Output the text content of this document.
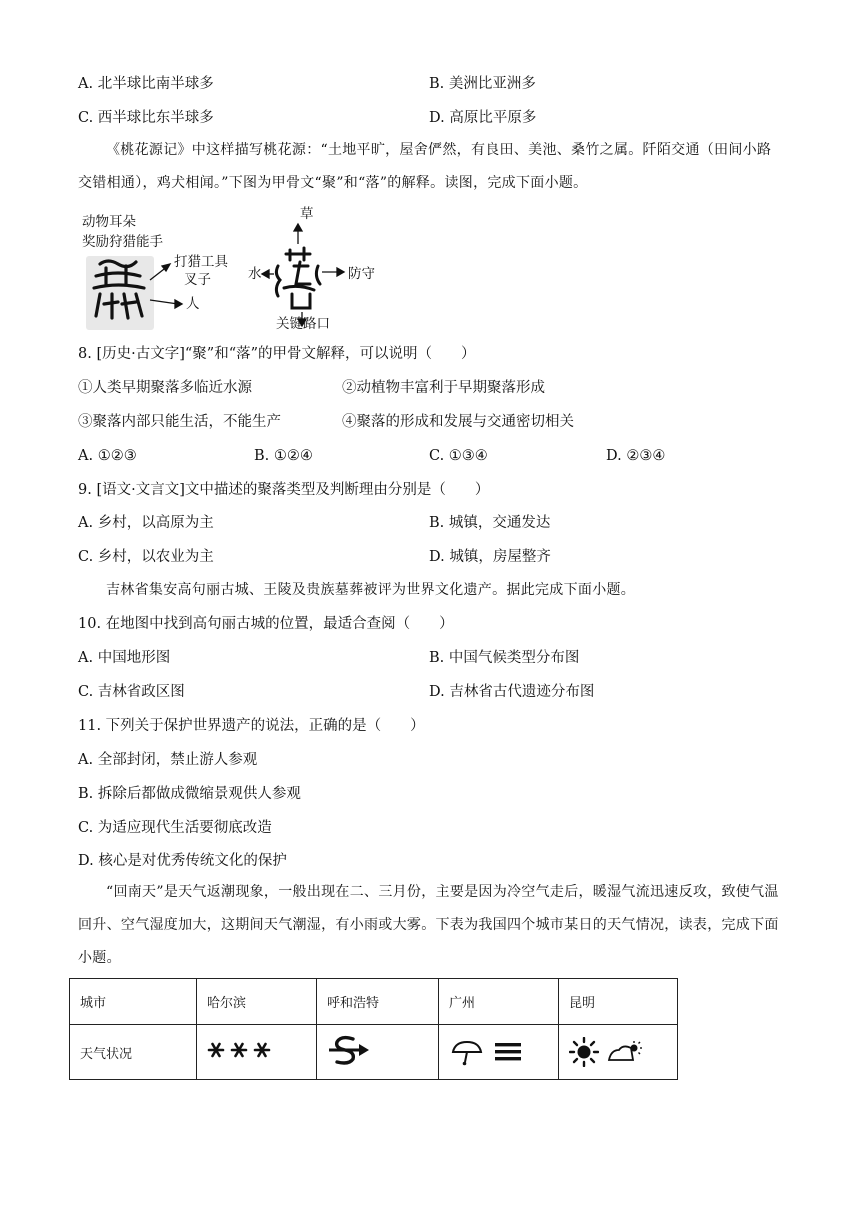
A. 北半球比南半球多	B. 美洲比亚洲多
C. 西半球比东半球多	D. 高原比平原多
《桃花源记》中这样描写桃花源：“土地平旷，屋舍俨然，有良田、美池、桑竹之属。阡陌交通（田间小路交错相通），鸡犬相闻。”下图为甲骨文“聚”和“落”的解释。读图，完成下面小题。
动物耳朵
奖励狩猎能手
打猎工具
叉子
人
草
水	防守
关键路口
8. [历史·古文字]“聚”和“落”的甲骨文解释，可以说明（　　）
①人类早期聚落多临近水源	②动植物丰富利于早期聚落形成
③聚落内部只能生活，不能生产	④聚落的形成和发展与交通密切相关
A. ①②③	B. ①②④	C. ①③④	D. ②③④
9. [语文·文言文]文中描述的聚落类型及判断理由分别是（　　）
A. 乡村，以高原为主	B. 城镇，交通发达
C. 乡村，以农业为主	D. 城镇，房屋整齐
吉林省集安高句丽古城、王陵及贵族墓葬被评为世界文化遗产。据此完成下面小题。
10. 在地图中找到高句丽古城的位置，最适合查阅（　　）
A. 中国地形图	B. 中国气候类型分布图
C. 吉林省政区图	D. 吉林省古代遗迹分布图
11. 下列关于保护世界遗产的说法，正确的是（　　）
A. 全部封闭，禁止游人参观
B. 拆除后都做成微缩景观供人参观
C. 为适应现代生活要彻底改造
D. 核心是对优秀传统文化的保护
“回南天”是天气返潮现象，一般出现在二、三月份，主要是因为冷空气走后，暖湿气流迅速反攻，致使气温回升、空气湿度加大，这期间天气潮湿，有小雨或大雾。下表为我国四个城市某日的天气情况，读表，完成下面小题。
城市	哈尔滨	呼和浩特	广州	昆明
天气状况			
